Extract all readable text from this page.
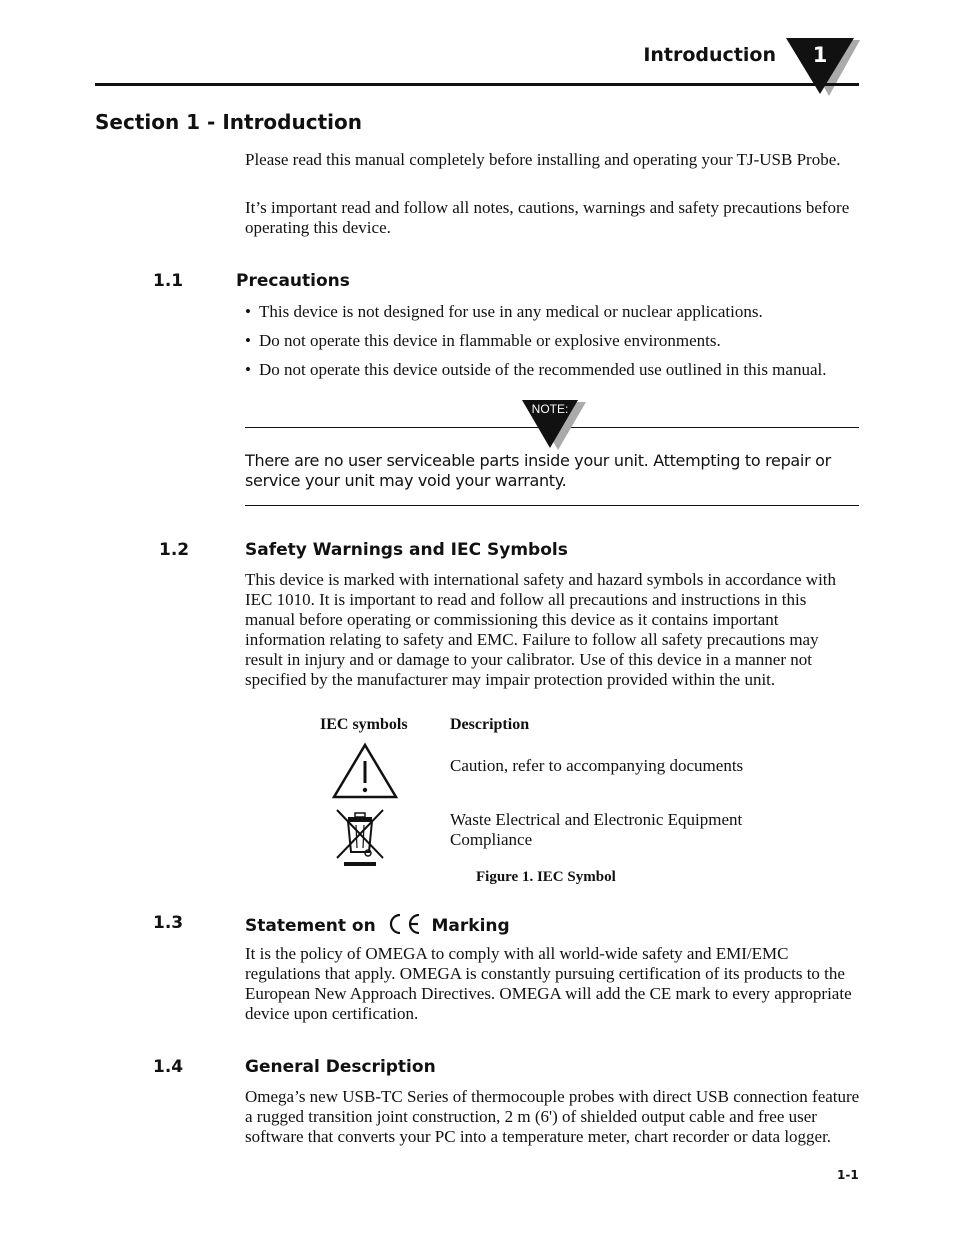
Introduction 1
Section 1 - Introduction
Please read this manual completely before installing and operating your TJ-USB Probe.
It’s important read and follow all notes, cautions, warnings and safety precautions before operating this device.
1.1	Precautions
• This device is not designed for use in any medical or nuclear applications.
• Do not operate this device in flammable or explosive environments.
• Do not operate this device outside of the recommended use outlined in this manual.
NOTE:
There are no user serviceable parts inside your unit. Attempting to repair or service your unit may void your warranty.
1.2	Safety Warnings and IEC Symbols
This device is marked with international safety and hazard symbols in accordance with IEC 1010. It is important to read and follow all precautions and instructions in this manual before operating or commissioning this device as it contains important information relating to safety and EMC. Failure to follow all safety precautions may result in injury and or damage to your calibrator. Use of this device in a manner not specified by the manufacturer may impair protection provided within the unit.
IEC symbols	Description
Caution, refer to accompanying documents
Waste Electrical and Electronic Equipment Compliance
Figure 1. IEC Symbol
1.3	Statement on	Marking
It is the policy of OMEGA to comply with all world-wide safety and EMI/EMC regulations that apply. OMEGA is constantly pursuing certification of its products to the European New Approach Directives. OMEGA will add the CE mark to every appropriate device upon certification.
1.4	General Description
Omega’s new USB-TC Series of thermocouple probes with direct USB connection feature a rugged transition joint construction, 2 m (6') of shielded output cable and free user software that converts your PC into a temperature meter, chart recorder or data logger.
1-1
